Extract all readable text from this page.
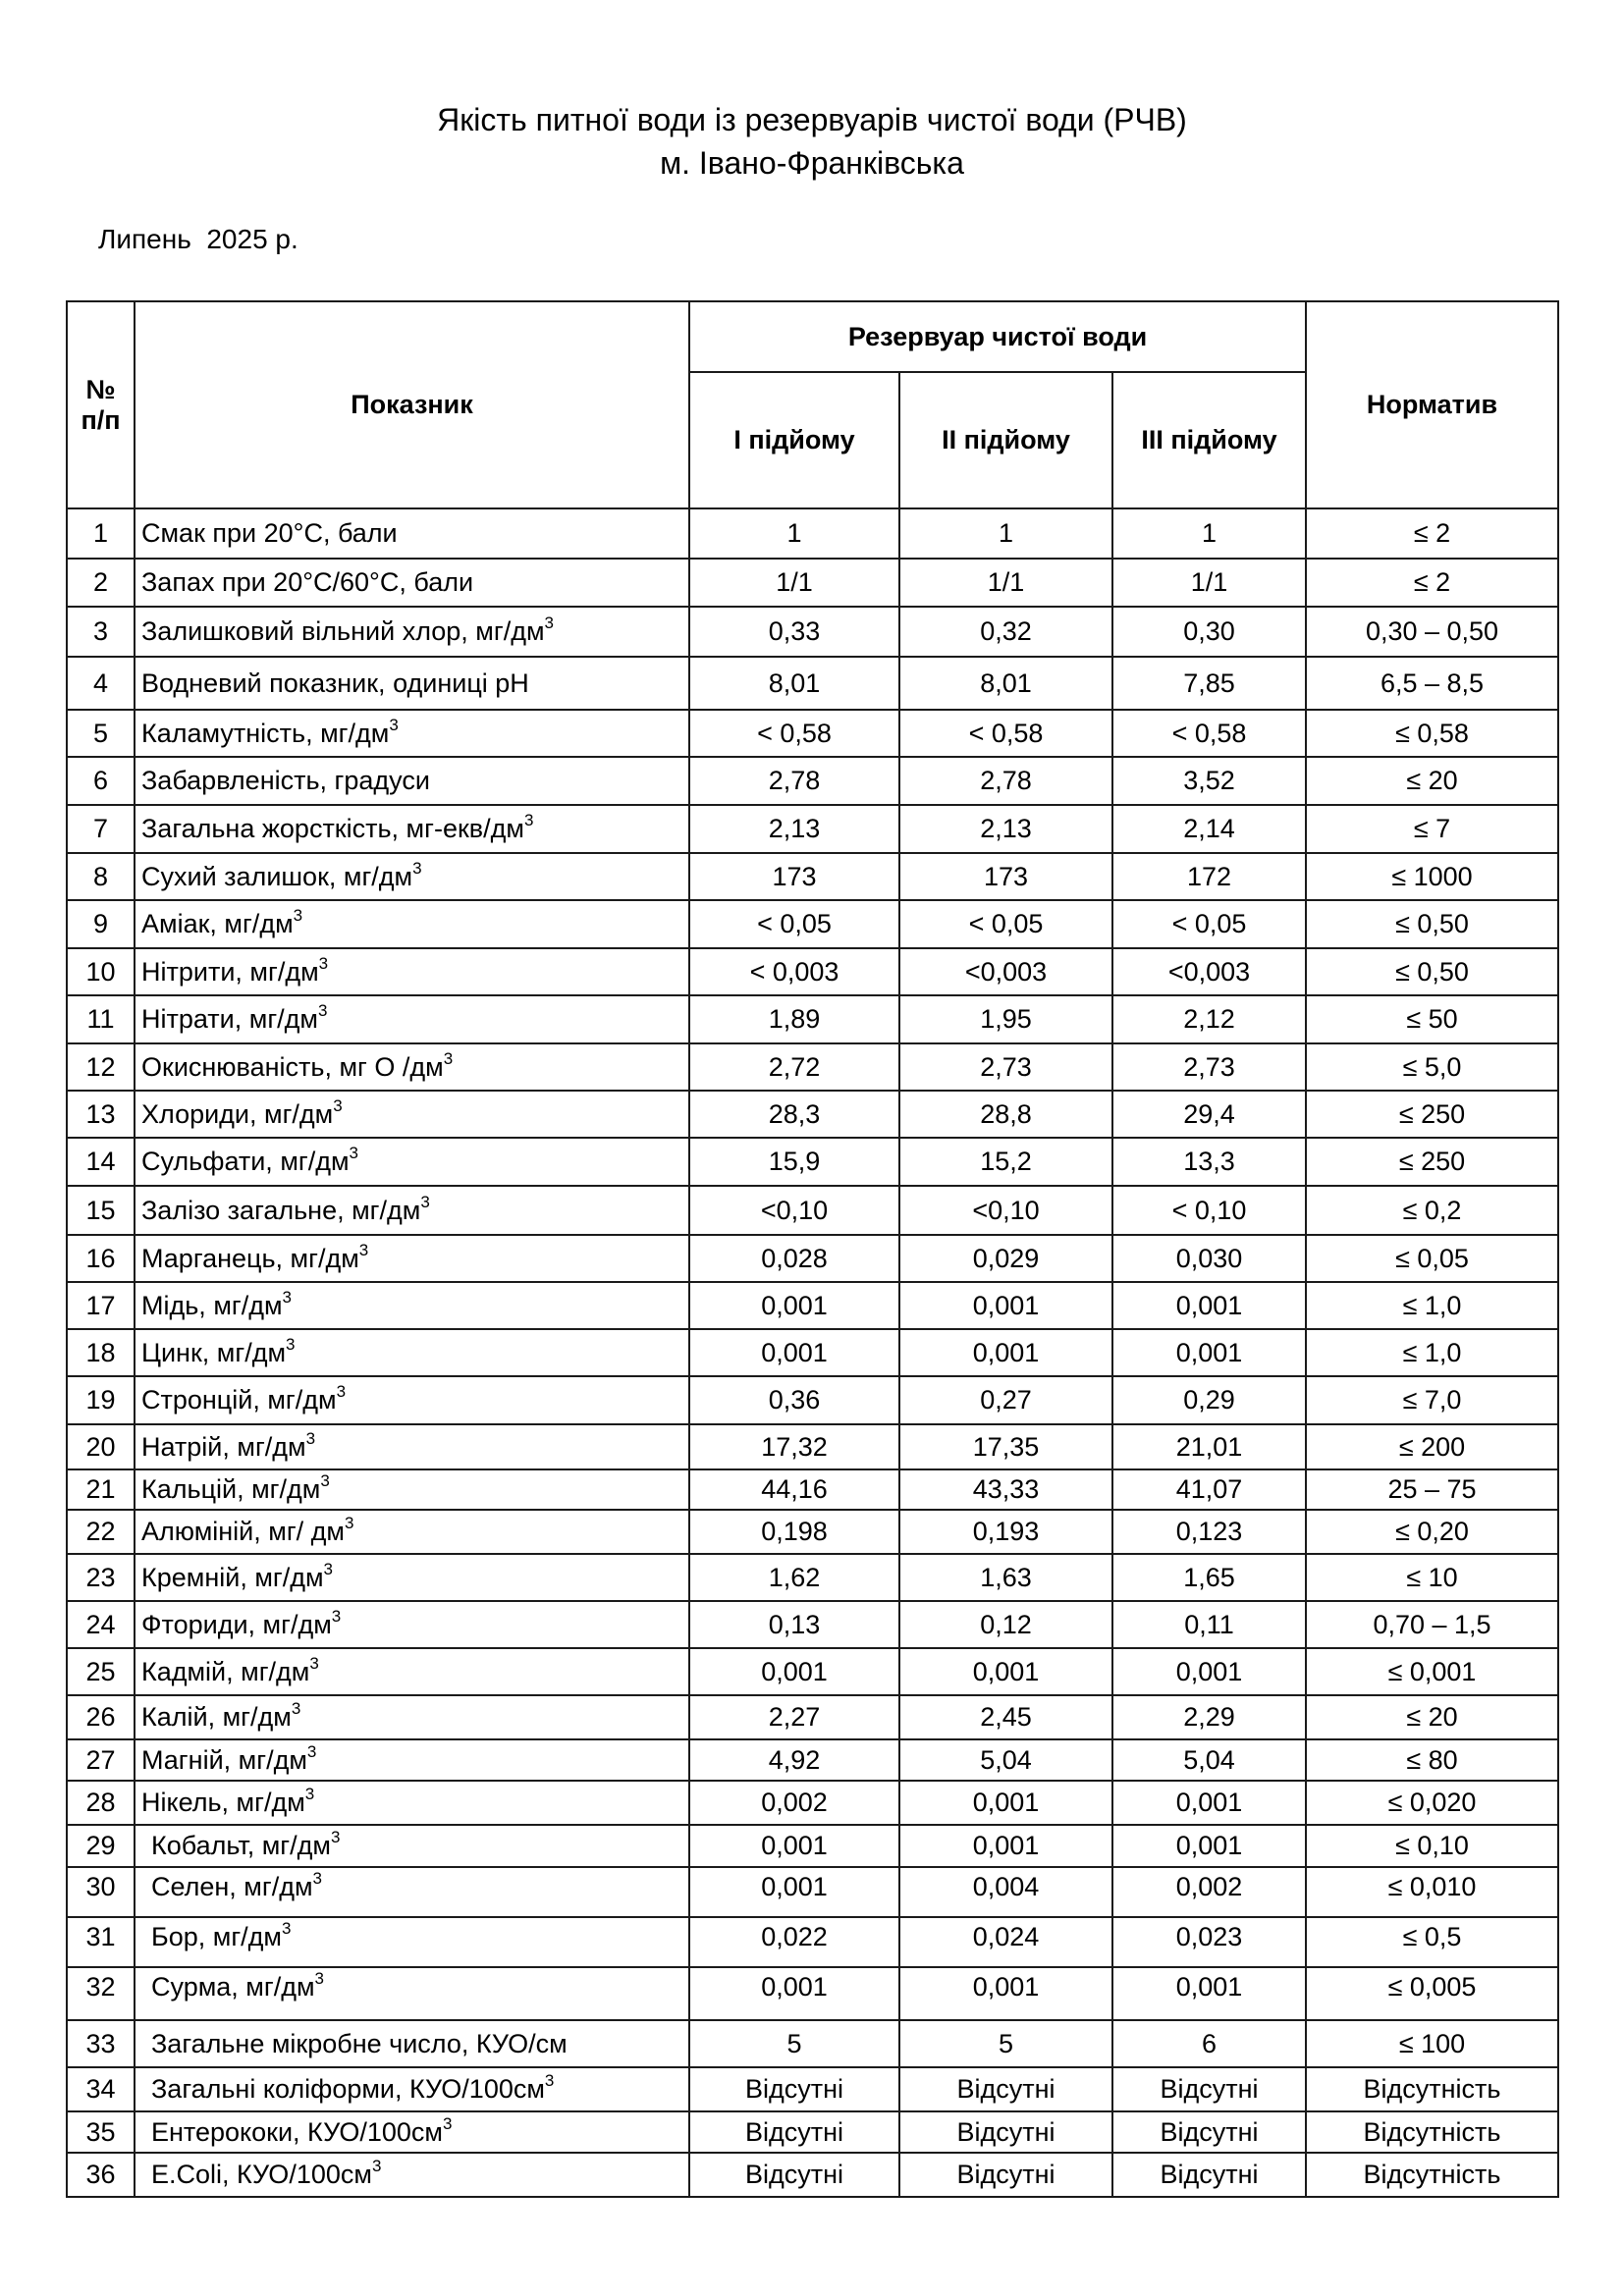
Якість питної води із резервуарів чистої води (РЧВ)
м. Івано-Франківська
Липень  2025 р.
№
п/п	Показник	Резервуар чистої води			Норматив
		І підйому	ІІ підйому	ІІІ підйому	
1	Смак при 20°С, бали	1	1	1	≤ 2
2	Запах при 20°С/60°С, бали	1/1	1/1	1/1	≤ 2
3	Залишковий вільний хлор, $мг/дм^3$	0,33	0,32	0,30	0,30 – 0,50
4	Водневий показник, одиниці pH	8,01	8,01	7,85	6,5 – 8,5
5	Каламутність, $мг/дм^3$	< 0,58	< 0,58	< 0,58	≤ 0,58
6	Забарвленість, градуси	2,78	2,78	3,52	≤ 20
7	Загальна жорсткість, $мг-екв/дм^3$	2,13	2,13	2,14	≤ 7
8	Сухий залишок, $мг/дм^3$	173	173	172	≤ 1000
9	Аміак, $мг/дм^3$	< 0,05	< 0,05	< 0,05	≤ 0,50
10	Нітрити, $мг/дм^3$	< 0,003	<0,003	<0,003	≤ 0,50
11	Нітрати, $мг/дм^3$	1,89	1,95	2,12	≤ 50
12	Окиснюваність, мг O $/дм^3$	2,72	2,73	2,73	≤ 5,0
13	Хлориди, $мг/дм^3$	28,3	28,8	29,4	≤ 250
14	Сульфати, $мг/дм^3$	15,9	15,2	13,3	≤ 250
15	Залізо загальне, $мг/дм^3$	<0,10	<0,10	< 0,10	≤ 0,2
16	Марганець, $мг/дм^3$	0,028	0,029	0,030	≤ 0,05
17	Мідь, $мг/дм^3$	0,001	0,001	0,001	≤ 1,0
18	Цинк, $мг/дм^3$	0,001	0,001	0,001	≤ 1,0
19	Стронцій, $мг/дм^3$	0,36	0,27	0,29	≤ 7,0
20	Натрій, $мг/дм^3$	17,32	17,35	21,01	≤ 200
21	Кальцій, $мг/дм^3$	44,16	43,33	41,07	25 – 75
22	Алюміній, мг/ $дм^3$	0,198	0,193	0,123	≤ 0,20
23	Кремній, $мг/дм^3$	1,62	1,63	1,65	≤ 10
24	Фториди, $мг/дм^3$	0,13	0,12	0,11	0,70 – 1,5
25	Кадмій, $мг/дм^3$	0,001	0,001	0,001	≤ 0,001
26	Калій, $мг/дм^3$	2,27	2,45	2,29	≤ 20
27	Магній, $мг/дм^3$	4,92	5,04	5,04	≤ 80
28	Нікель, $мг/дм^3$	0,002	0,001	0,001	≤ 0,020
29	Кобальт, $мг/дм^3$	0,001	0,001	0,001	≤ 0,10
30	Селен, $мг/дм^3$	0,001	0,004	0,002	≤ 0,010
31	Бор, $мг/дм^3$	0,022	0,024	0,023	≤ 0,5
32	Сурма, $мг/дм^3$	0,001	0,001	0,001	≤ 0,005
33	Загальне мікробне число, КУО/см	5	5	6	≤ 100
34	Загальні коліформи, КУО/$100см^3$	Відсутні	Відсутні	Відсутні	Відсутність
35	Ентерококи, КУО/$100см^3$	Відсутні	Відсутні	Відсутні	Відсутність
36	E.Coli, КУО/$100см^3$	Відсутні	Відсутні	Відсутні	Відсутність
